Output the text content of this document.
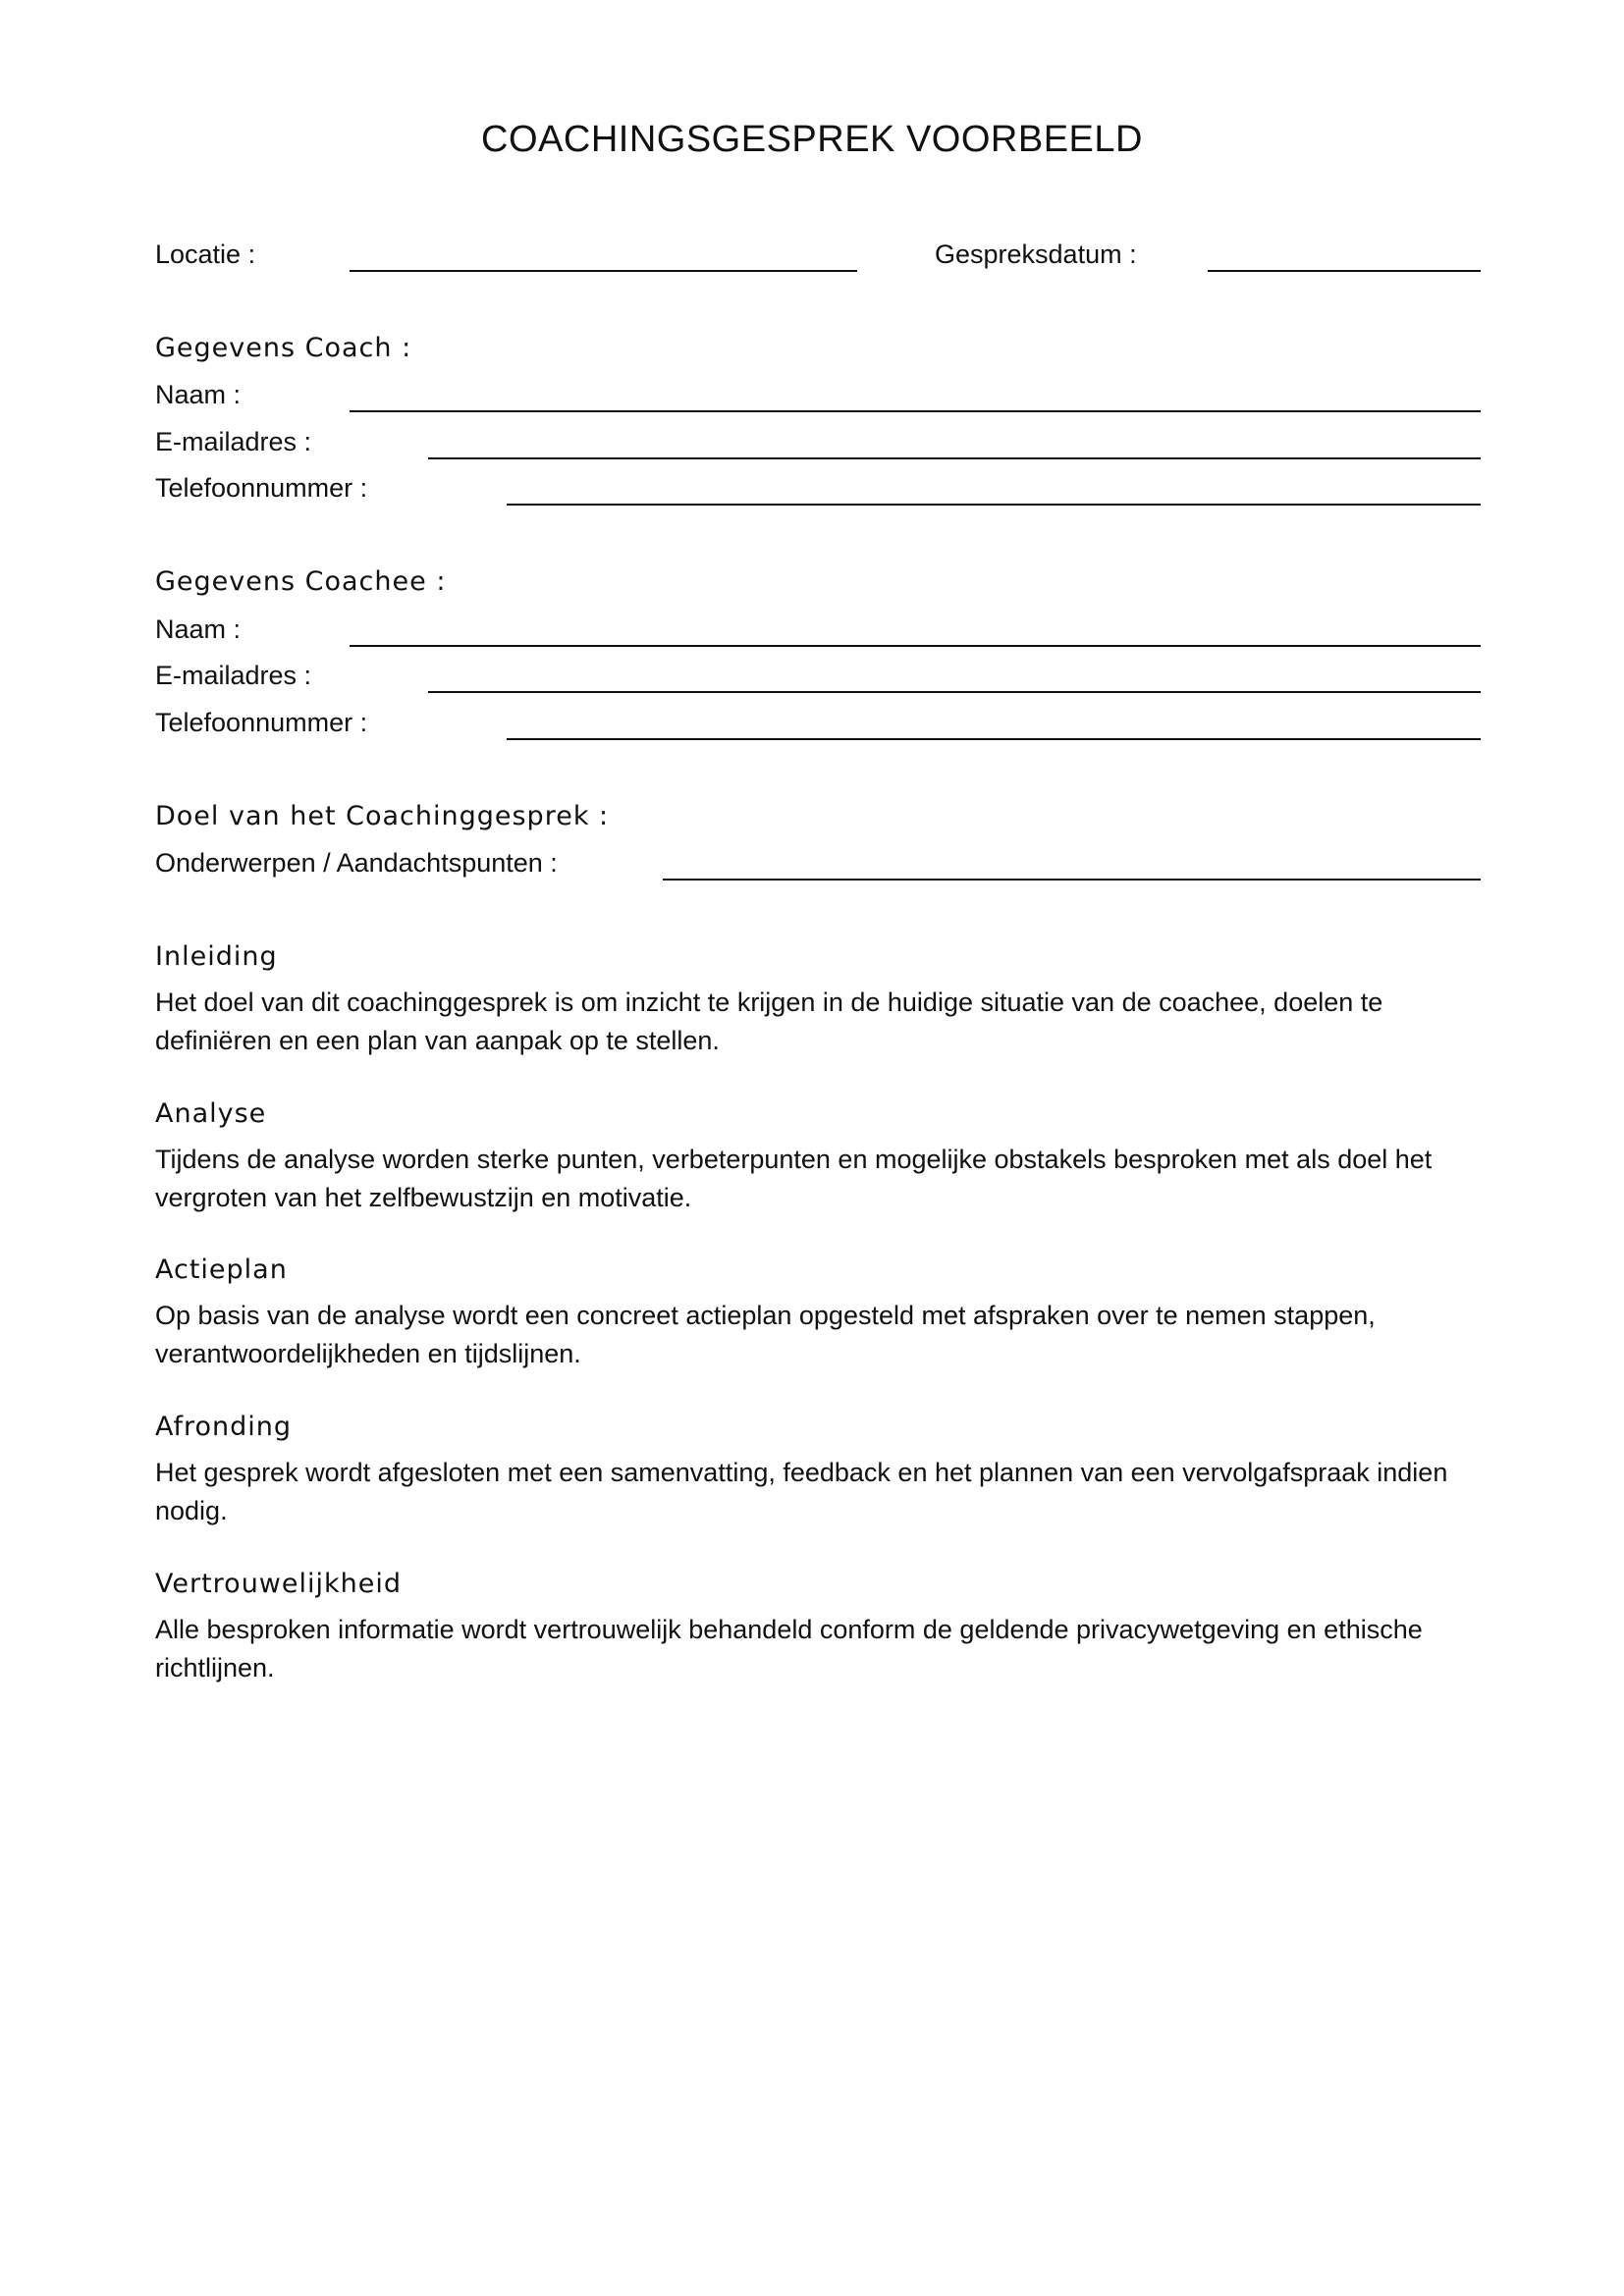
COACHINGSGESPREK VOORBEELD
Locatie :	Gespreksdatum :
Gegevens Coach :
Naam :
E-mailadres :
Telefoonnummer :
Gegevens Coachee :
Naam :
E-mailadres :
Telefoonnummer :
Doel van het Coachinggesprek :
Onderwerpen / Aandachtspunten :
Inleiding
Het doel van dit coachinggesprek is om inzicht te krijgen in de huidige situatie van de coachee, doelen te definiëren en een plan van aanpak op te stellen.
Analyse
Tijdens de analyse worden sterke punten, verbeterpunten en mogelijke obstakels besproken met als doel het vergroten van het zelfbewustzijn en motivatie.
Actieplan
Op basis van de analyse wordt een concreet actieplan opgesteld met afspraken over te nemen stappen, verantwoordelijkheden en tijdslijnen.
Afronding
Het gesprek wordt afgesloten met een samenvatting, feedback en het plannen van een vervolgafspraak indien nodig.
Vertrouwelijkheid
Alle besproken informatie wordt vertrouwelijk behandeld conform de geldende privacywetgeving en ethische richtlijnen.
